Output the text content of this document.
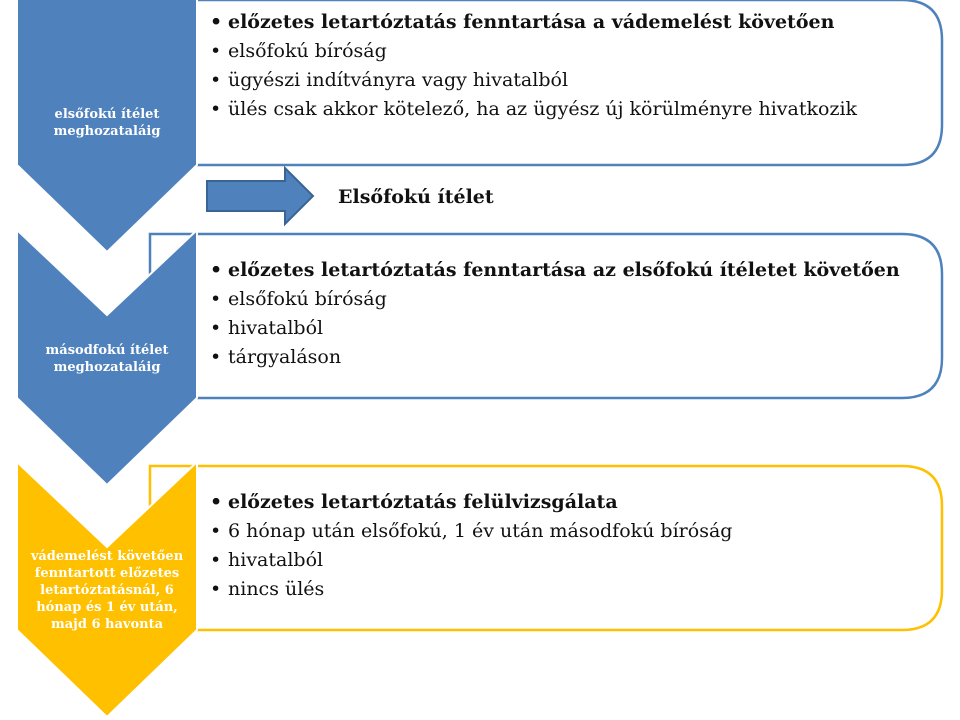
elsőfokú ítélet meghozataláig
másodfokú ítélet meghozataláig
vádemelést követően fenntartott előzetes letartóztatásnál, 6 hónap és 1 év után, majd 6 havonta
• előzetes letartóztatás fenntartása a vádemelést követően
• elsőfokú bíróság
• ügyészi indítványra vagy hivatalból
• ülés csak akkor kötelező, ha az ügyész új körülményre hivatkozik
• előzetes letartóztatás fenntartása az elsőfokú ítéletet követően
• elsőfokú bíróság
• hivatalból
• tárgyaláson
• előzetes letartóztatás felülvizsgálata
• 6 hónap után elsőfokú, 1 év után másodfokú bíróság
• hivatalból
• nincs ülés
Elsőfokú ítélet
